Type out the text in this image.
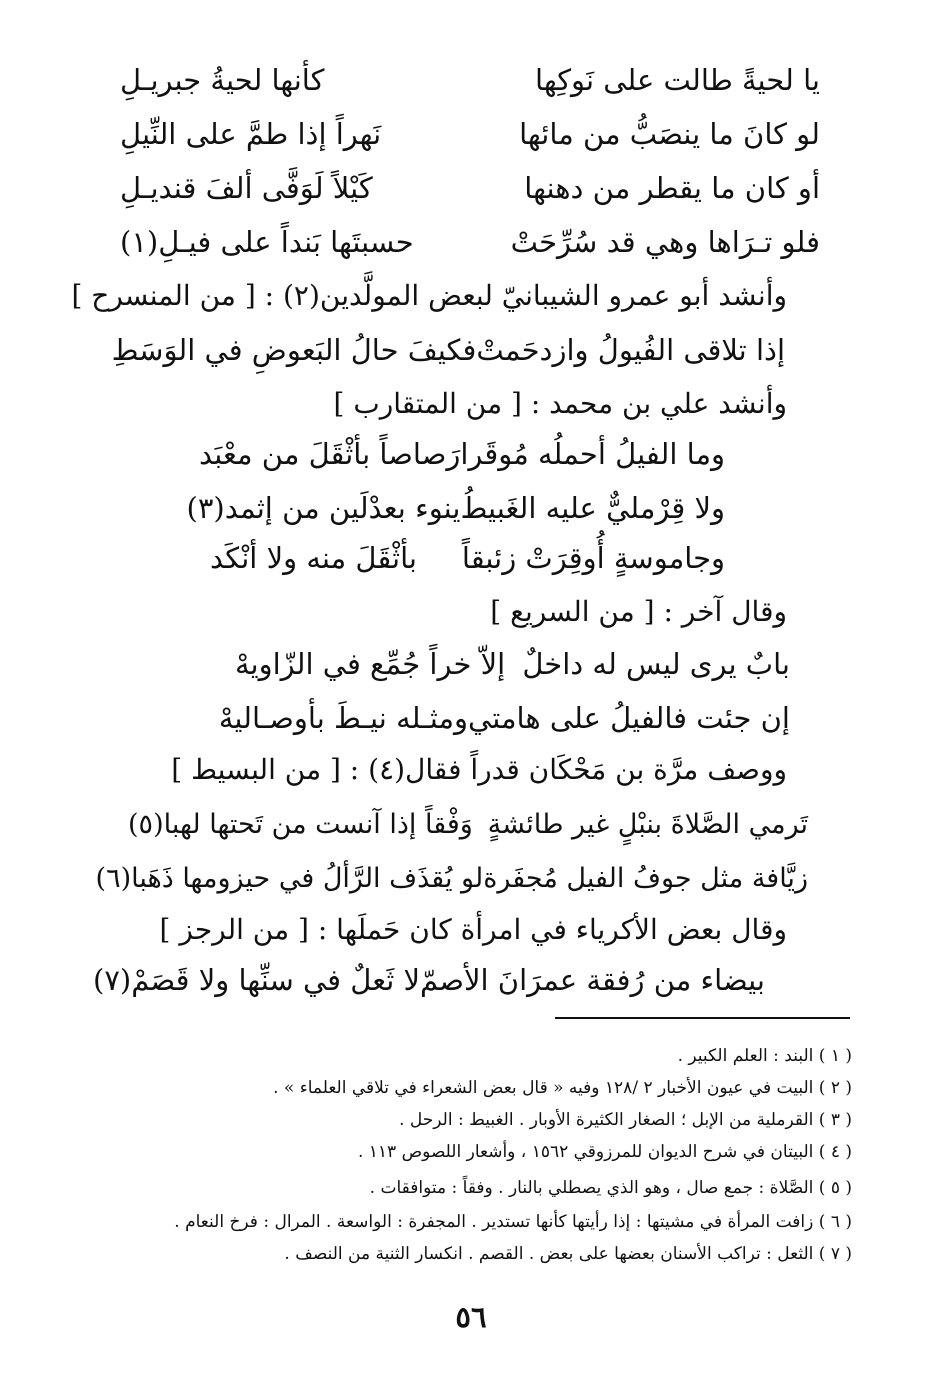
يا لحيةً طالت على نَوكِها
كأنها لحيةُ جبريـلِ
لو كانَ ما ينصَبُّ من مائها
نَهراً إذا طمَّ على النِّيلِ
أو كان ما يقطر من دهنها
كَيْلاً لَوَفَّى ألفَ قنديـلِ
فلو تـرَاها وهي قد سُرِّحَتْ
حسبتَها بَنداً على فيـلِ(١)
وأنشد أبو عمرو الشيبانيّ لبعض المولَّدين(٢) : [ من المنسرح ]
إذا تلاقى الفُيولُ وازدحَمتْ
فكيفَ حالُ البَعوضِ في الوَسَطِ
وأنشد علي بن محمد : [ من المتقارب ]
وما الفيلُ أحملُه مُوقَرا
رَصاصاً بأثْقَلَ من معْبَد
ولا قِرْمليٌّ عليه الغَبيطُ
ينوء بعدْلَين من إثمد(٣)
وجاموسةٍ أُوقِرَتْ زئبقاً
بأثْقَلَ منه ولا أنْكَد
وقال آخر : [ من السريع ]
بابٌ يرى ليس له داخلٌ
إلاّ خراً جُمِّع في الزّاويهْ
إن جئت فالفيلُ على هامتي
ومثـله نيـطَ بأوصـاليهْ
ووصف مرَّة بن مَحْكَان قدراً فقال(٤) : [ من البسيط ]
تَرمي الصَّلاةَ بنبْلٍ غير طائشةٍ
وَفْقاً إذا آنست من تَحتها لهبا(٥)
زيَّافة مثل جوفُ الفيل مُجفَرة
لو يُقذَف الرَّألُ في حيزومها ذَهَبا(٦)
وقال بعض الأكرياء في امرأة كان حَملَها : [ من الرجز ]
بيضاء من رُفقة عمرَانَ الأصمّ
لا ثَعلٌ في سنِّها ولا قَصَمْ(٧)
( ١ ) البند : العلم الكبير .
( ٢ ) البيت في عيون الأخبار ٢ /١٢٨ وفيه « قال بعض الشعراء في تلاقي العلماء » .
( ٣ ) القرملية من الإبل ؛ الصغار الكثيرة الأوبار . الغبيط : الرحل .
( ٤ ) البيتان في شرح الديوان للمرزوقي ١٥٦٢ ، وأشعار اللصوص ١١٣ .
( ٥ ) الصَّلاة : جمع صال ، وهو الذي يصطلي بالنار . وفقاً : متوافقات .
( ٦ ) زافت المرأة في مشيتها : إذا رأيتها كأنها تستدير . المجفرة : الواسعة . المرال : فرخ النعام .
( ٧ ) الثعل : تراكب الأسنان بعضها على بعض . القصم . انكسار الثنية من النصف .
٥٦
